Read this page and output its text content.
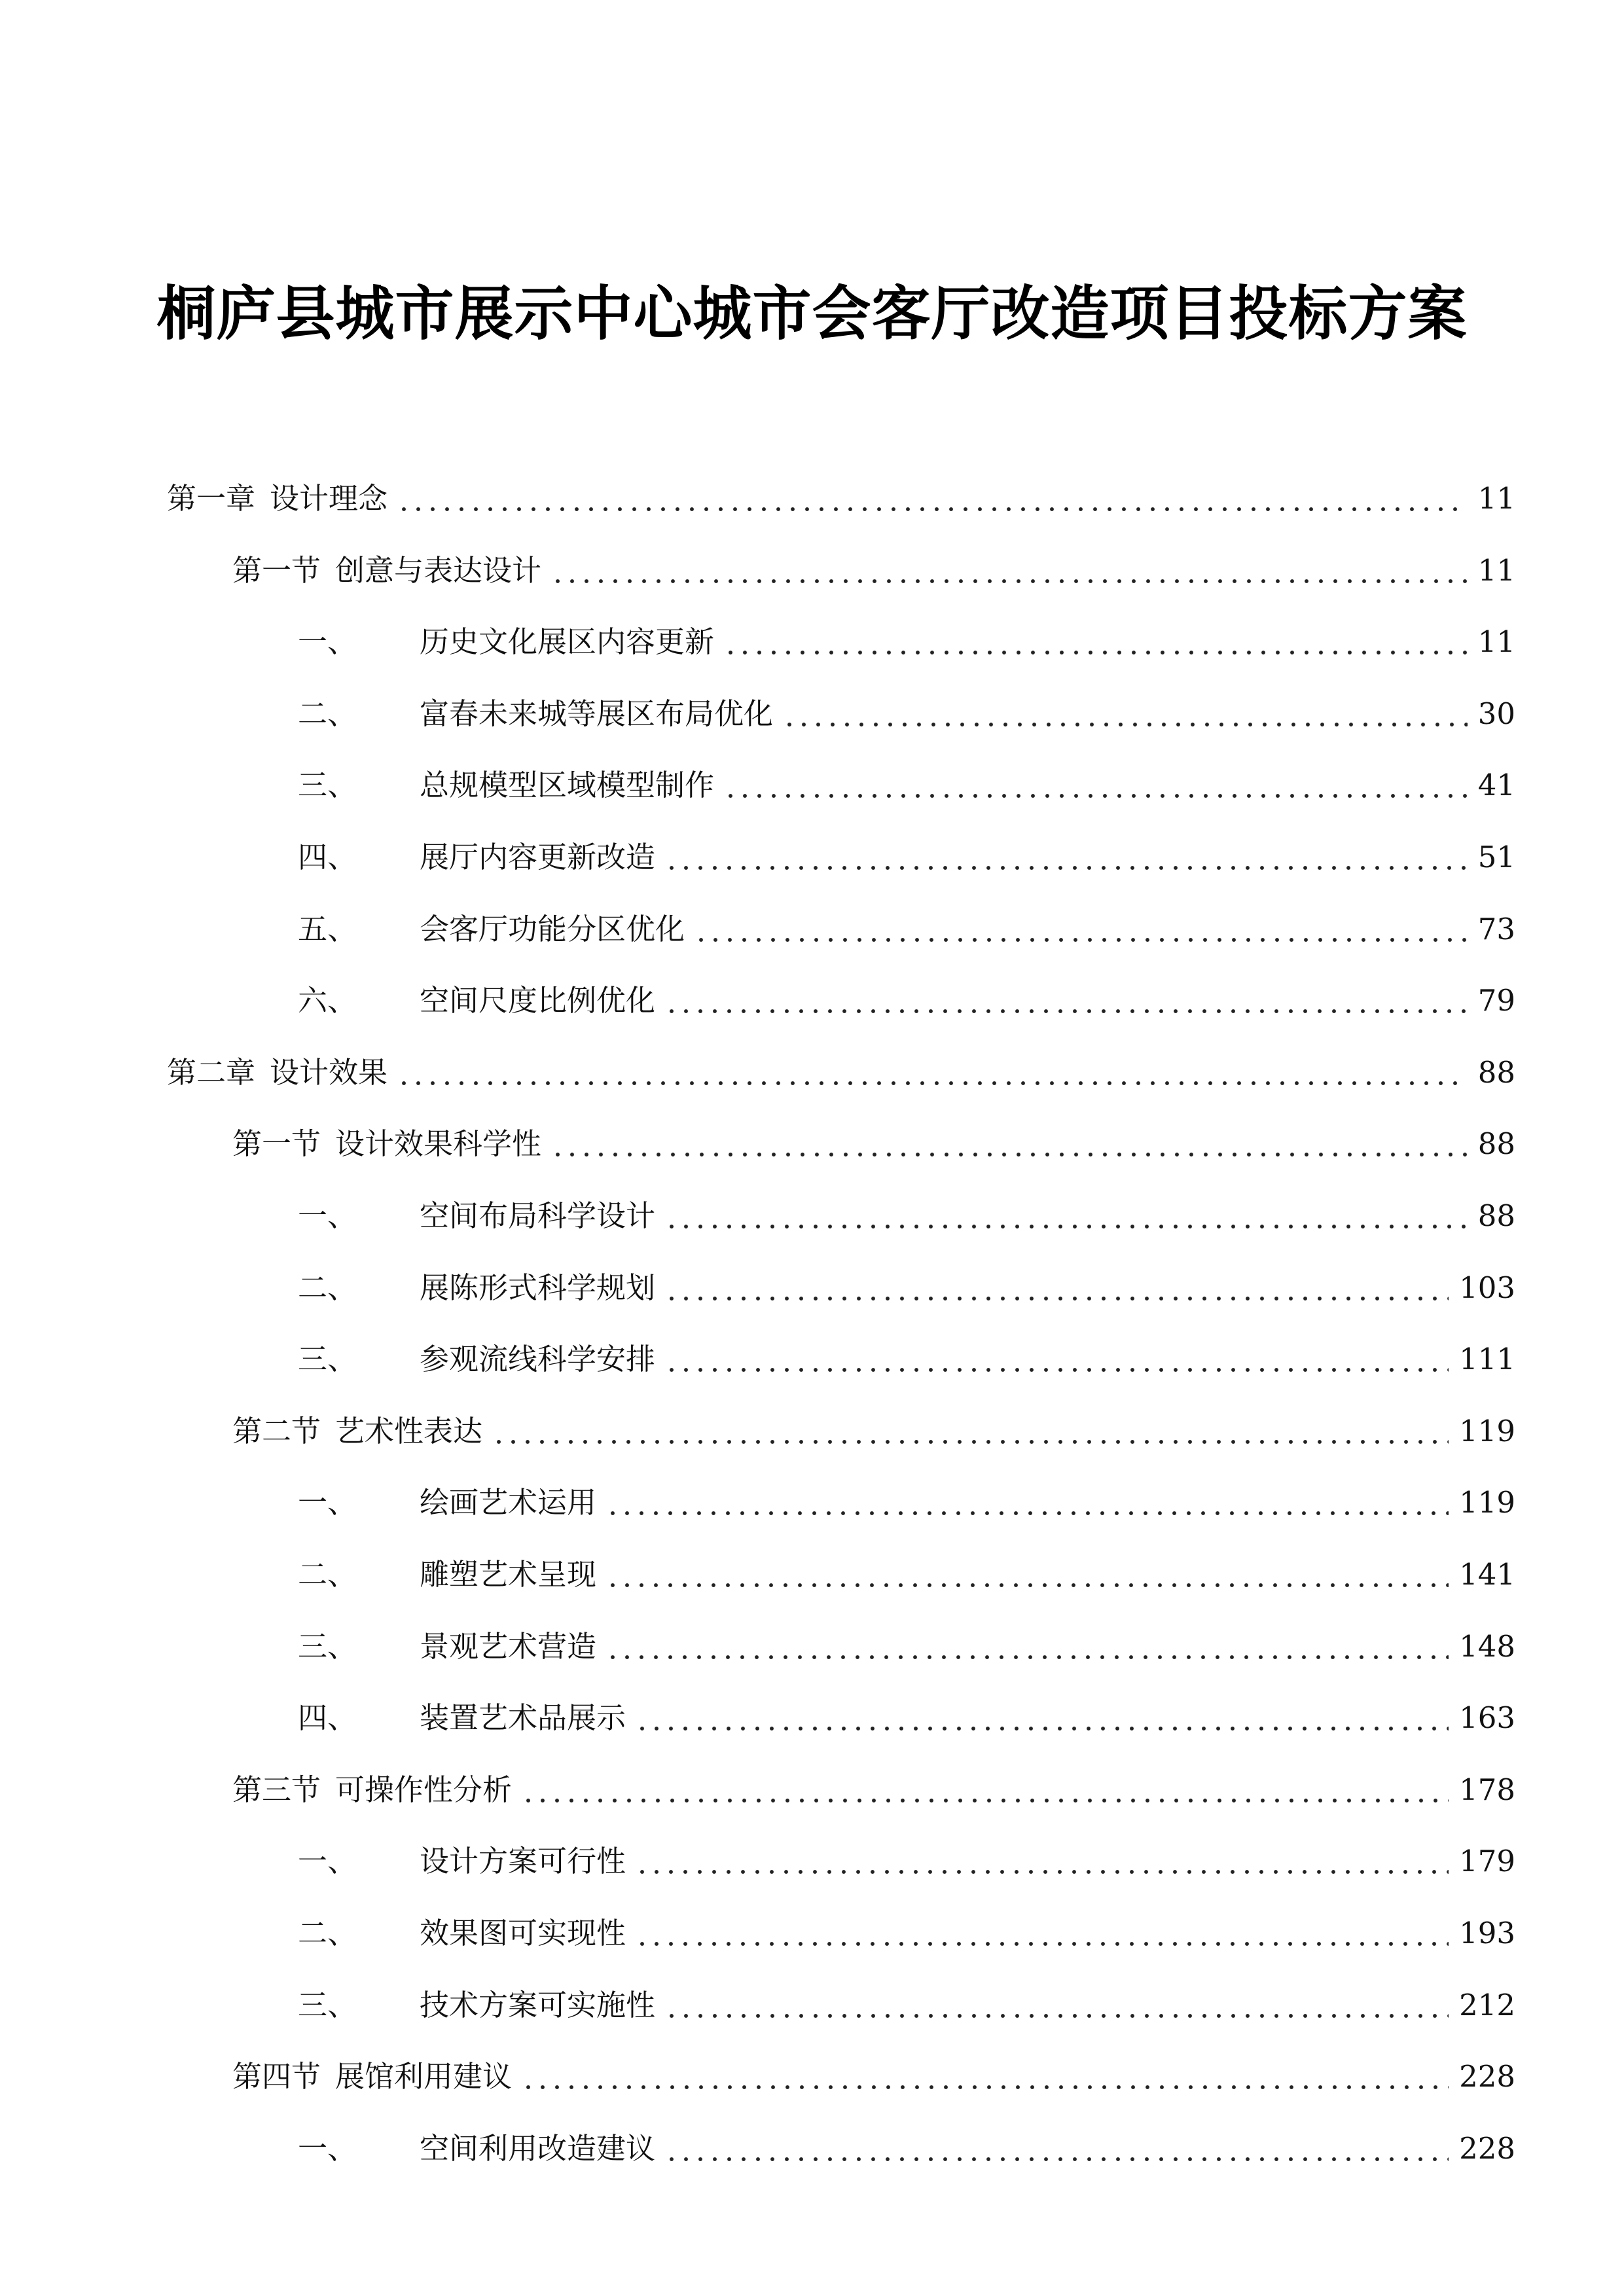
桐庐县城市展示中心城市会客厅改造项目投标方案
第一章 设计理念	11
第一节 创意与表达设计	11
一、 历史文化展区内容更新	11
二、 富春未来城等展区布局优化	30
三、 总规模型区域模型制作	41
四、 展厅内容更新改造	51
五、 会客厅功能分区优化	73
六、 空间尺度比例优化	79
第二章 设计效果	88
第一节 设计效果科学性	88
一、 空间布局科学设计	88
二、 展陈形式科学规划	103
三、 参观流线科学安排	111
第二节 艺术性表达	119
一、 绘画艺术运用	119
二、 雕塑艺术呈现	141
三、 景观艺术营造	148
四、 装置艺术品展示	163
第三节 可操作性分析	178
一、 设计方案可行性	179
二、 效果图可实现性	193
三、 技术方案可实施性	212
第四节 展馆利用建议	228
一、 空间利用改造建议	228
